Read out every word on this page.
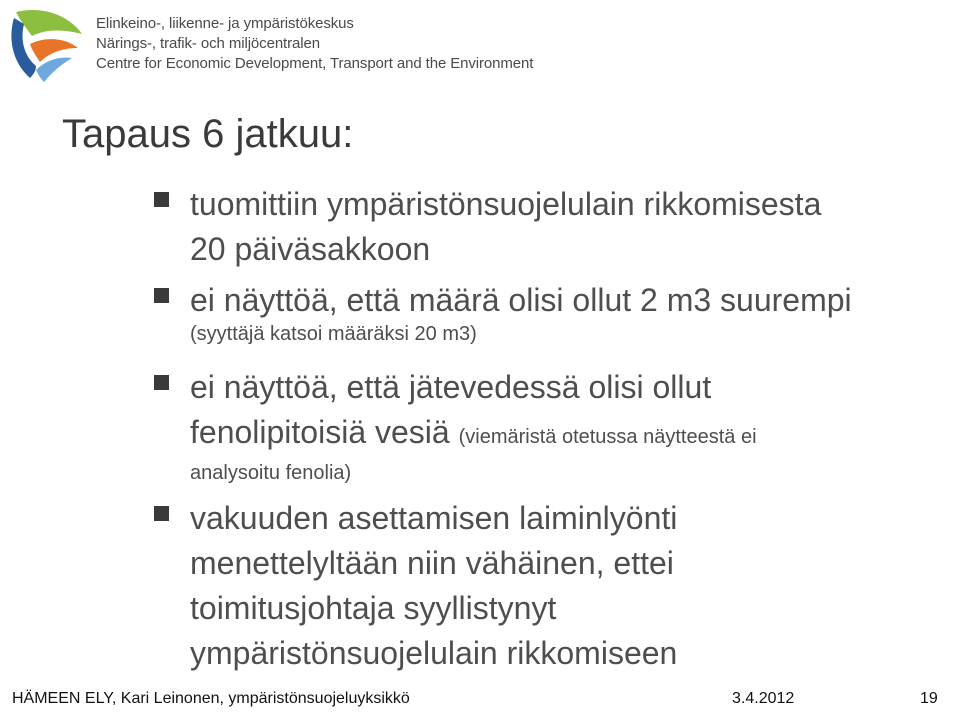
Elinkeino-, liikenne- ja ympäristökeskus
Närings-, trafik- och miljöcentralen
Centre for Economic Development, Transport and the Environment
Tapaus 6 jatkuu:
tuomittiin ympäristönsuojelulain rikkomisesta
20 päiväsakkoon
ei näyttöä, että määrä olisi ollut 2 m3 suurempi
(syyttäjä katsoi määräksi 20 m3)
ei näyttöä, että jätevedessä olisi ollut
fenolipitoisiä vesiä (viemäristä otetussa näytteestä ei
analysoitu fenolia)
vakuuden asettamisen laiminlyönti
menettelyltään niin vähäinen, ettei
toimitusjohtaja syyllistynyt
ympäristönsuojelulain rikkomiseen
HÄMEEN ELY, Kari Leinonen, ympäristönsuojeluyksikkö	3.4.2012	19
